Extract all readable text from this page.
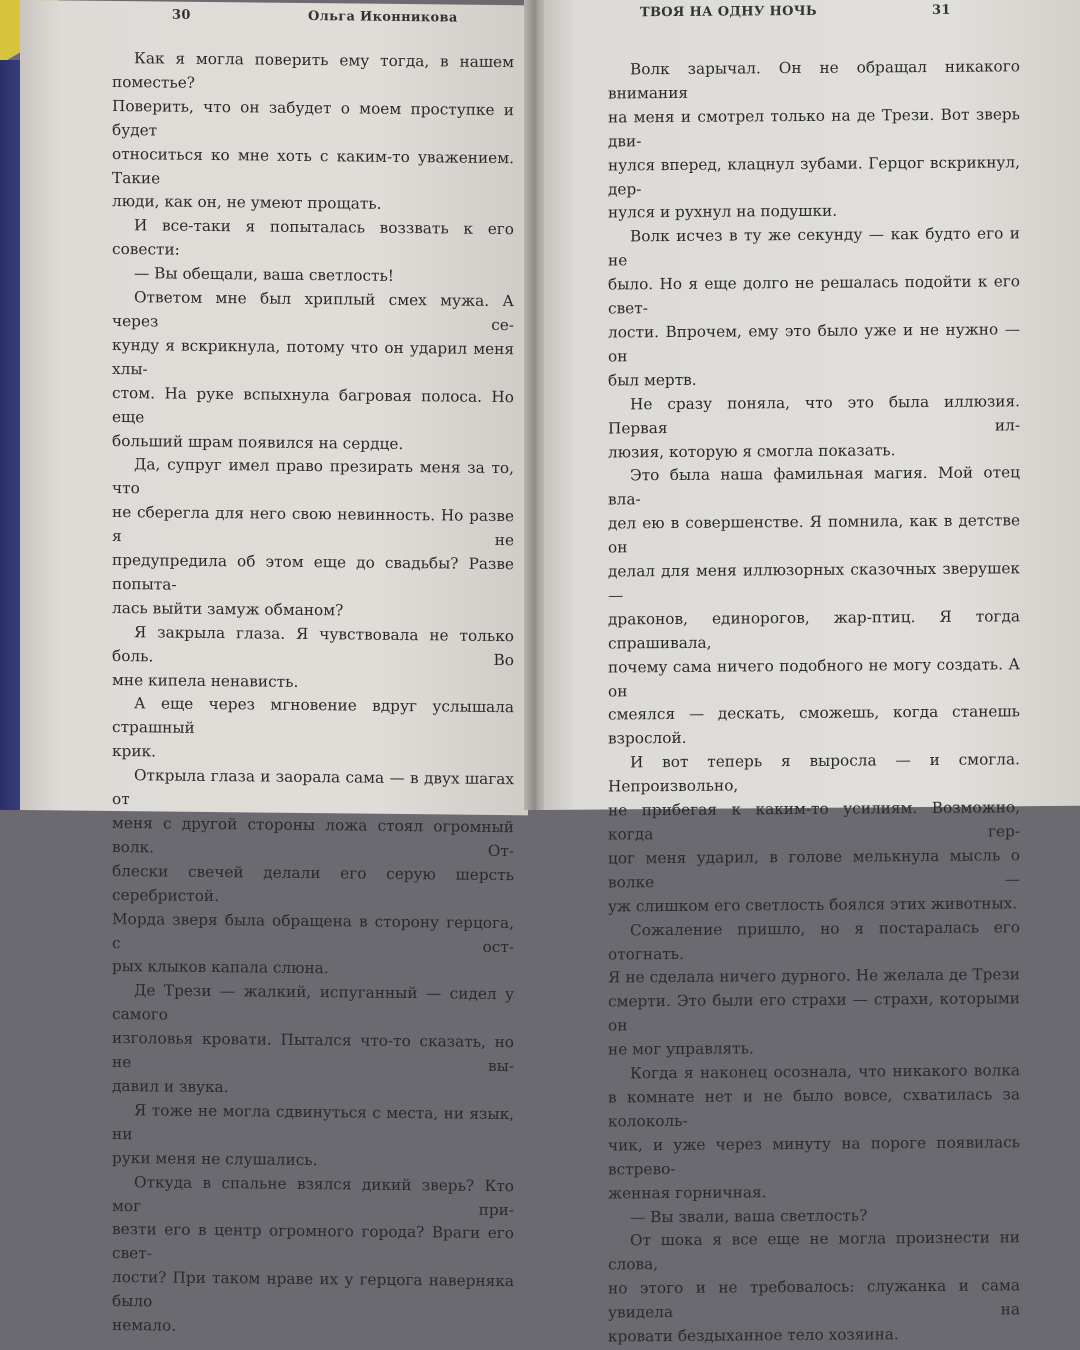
30	Ольга Иконникова

Как я могла поверить ему тогда, в нашем поместье?

Поверить, что он забудет о моем проступке и будет

относиться ко мне хоть с каким-то уважением. Такие

люди, как он, не умеют прощать.

И все-таки я попыталась воззвать к его совести:

— Вы обещали, ваша светлость!

Ответом мне был хриплый смех мужа. А через се-

кунду я вскрикнула, потому что он ударил меня хлы-

стом. На руке вспыхнула багровая полоса. Но еще

больший шрам появился на сердце.

Да, супруг имел право презирать меня за то, что

не сберегла для него свою невинность. Но разве я не

предупредила об этом еще до свадьбы? Разве попыта-

лась выйти замуж обманом?

Я закрыла глаза. Я чувствовала не только боль. Во

мне кипела ненависть.

А еще через мгновение вдруг услышала страшный

крик.

Открыла глаза и заорала сама — в двух шагах от

меня с другой стороны ложа стоял огромный волк. От-

блески свечей делали его серую шерсть серебристой.

Морда зверя была обращена в сторону герцога, с ост-

рых клыков капала слюна.

Де Трези — жалкий, испуганный — сидел у самого

изголовья кровати. Пытался что-то сказать, но не вы-

давил и звука.

Я тоже не могла сдвинуться с места, ни язык, ни

руки меня не слушались.

Откуда в спальне взялся дикий зверь? Кто мог при-

везти его в центр огромного города? Враги его свет-

лости? При таком нраве их у герцога наверняка было

немало.

ТВОЯ НА ОДНУ НОЧЬ	31

Волк зарычал. Он не обращал никакого внимания

на меня и смотрел только на де Трези. Вот зверь дви-

нулся вперед, клацнул зубами. Герцог вскрикнул, дер-

нулся и рухнул на подушки.

Волк исчез в ту же секунду — как будто его и не

было. Но я еще долго не решалась подойти к его свет-

лости. Впрочем, ему это было уже и не нужно — он

был мертв.

Не сразу поняла, что это была иллюзия. Первая ил-

люзия, которую я смогла показать.

Это была наша фамильная магия. Мой отец вла-

дел ею в совершенстве. Я помнила, как в детстве он

делал для меня иллюзорных сказочных зверушек —

драконов, единорогов, жар-птиц. Я тогда спрашивала,

почему сама ничего подобного не могу создать. А он

смеялся — дескать, сможешь, когда станешь взрослой.

И вот теперь я выросла — и смогла. Непроизвольно,

не прибегая к каким-то усилиям. Возможно, когда гер-

цог меня ударил, в голове мелькнула мысль о волке —

уж слишком его светлость боялся этих животных.

Сожаление пришло, но я постаралась его отогнать.

Я не сделала ничего дурного. Не желала де Трези

смерти. Это были его страхи — страхи, которыми он

не мог управлять.

Когда я наконец осознала, что никакого волка

в комнате нет и не было вовсе, схватилась за колоколь-

чик, и уже через минуту на пороге появилась встрево-

женная горничная.

— Вы звали, ваша светлость?

От шока я все еще не могла произнести ни слова,

но этого и не требовалось: служанка и сама увидела на

кровати бездыханное тело хозяина.
